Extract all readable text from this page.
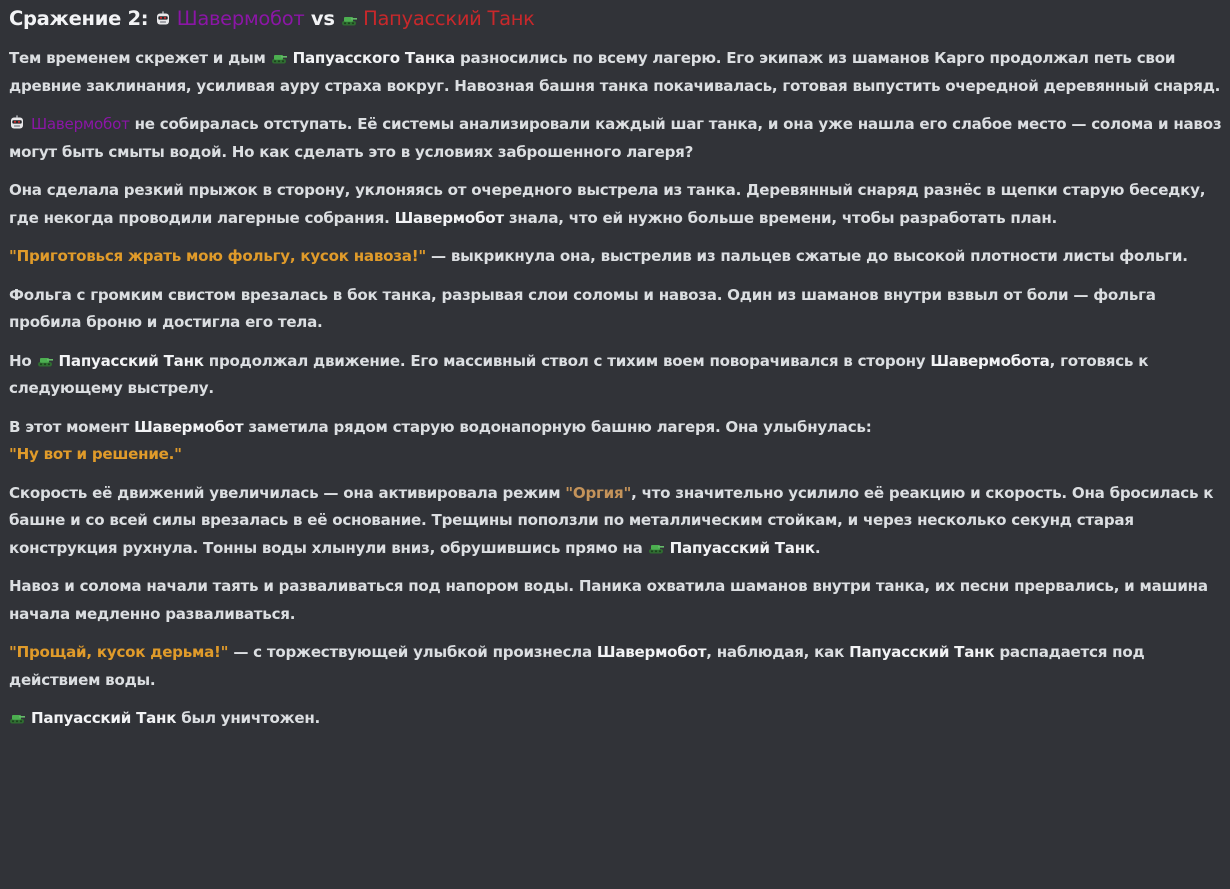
Сражение 2: Шавермобот vs Папуасский Танк

Тем временем скрежет и дым Папуасского Танка разносились по всему лагерю. Его экипаж из шаманов Карго продолжал петь свои древние заклинания, усиливая ауру страха вокруг. Навозная башня танка покачивалась, готовая выпустить очередной деревянный снаряд.

Шавермобот не собиралась отступать. Её системы анализировали каждый шаг танка, и она уже нашла его слабое место — солома и навоз могут быть смыты водой. Но как сделать это в условиях заброшенного лагеря?

Она сделала резкий прыжок в сторону, уклоняясь от очередного выстрела из танка. Деревянный снаряд разнёс в щепки старую беседку, где некогда проводили лагерные собрания. Шавермобот знала, что ей нужно больше времени, чтобы разработать план.

"Приготовься жрать мою фольгу, кусок навоза!" — выкрикнула она, выстрелив из пальцев сжатые до высокой плотности листы фольги.

Фольга с громким свистом врезалась в бок танка, разрывая слои соломы и навоза. Один из шаманов внутри взвыл от боли — фольга пробила броню и достигла его тела.

Но Папуасский Танк продолжал движение. Его массивный ствол с тихим воем поворачивался в сторону Шавермобота, готовясь к следующему выстрелу.

В этот момент Шавермобот заметила рядом старую водонапорную башню лагеря. Она улыбнулась:
"Ну вот и решение."

Скорость её движений увеличилась — она активировала режим "Оргия", что значительно усилило её реакцию и скорость. Она бросилась к башне и со всей силы врезалась в её основание. Трещины поползли по металлическим стойкам, и через несколько секунд старая конструкция рухнула. Тонны воды хлынули вниз, обрушившись прямо на Папуасский Танк.

Навоз и солома начали таять и разваливаться под напором воды. Паника охватила шаманов внутри танка, их песни прервались, и машина начала медленно разваливаться.

"Прощай, кусок дерьма!" — с торжествующей улыбкой произнесла Шавермобот, наблюдая, как Папуасский Танк распадается под действием воды.

Папуасский Танк был уничтожен.
